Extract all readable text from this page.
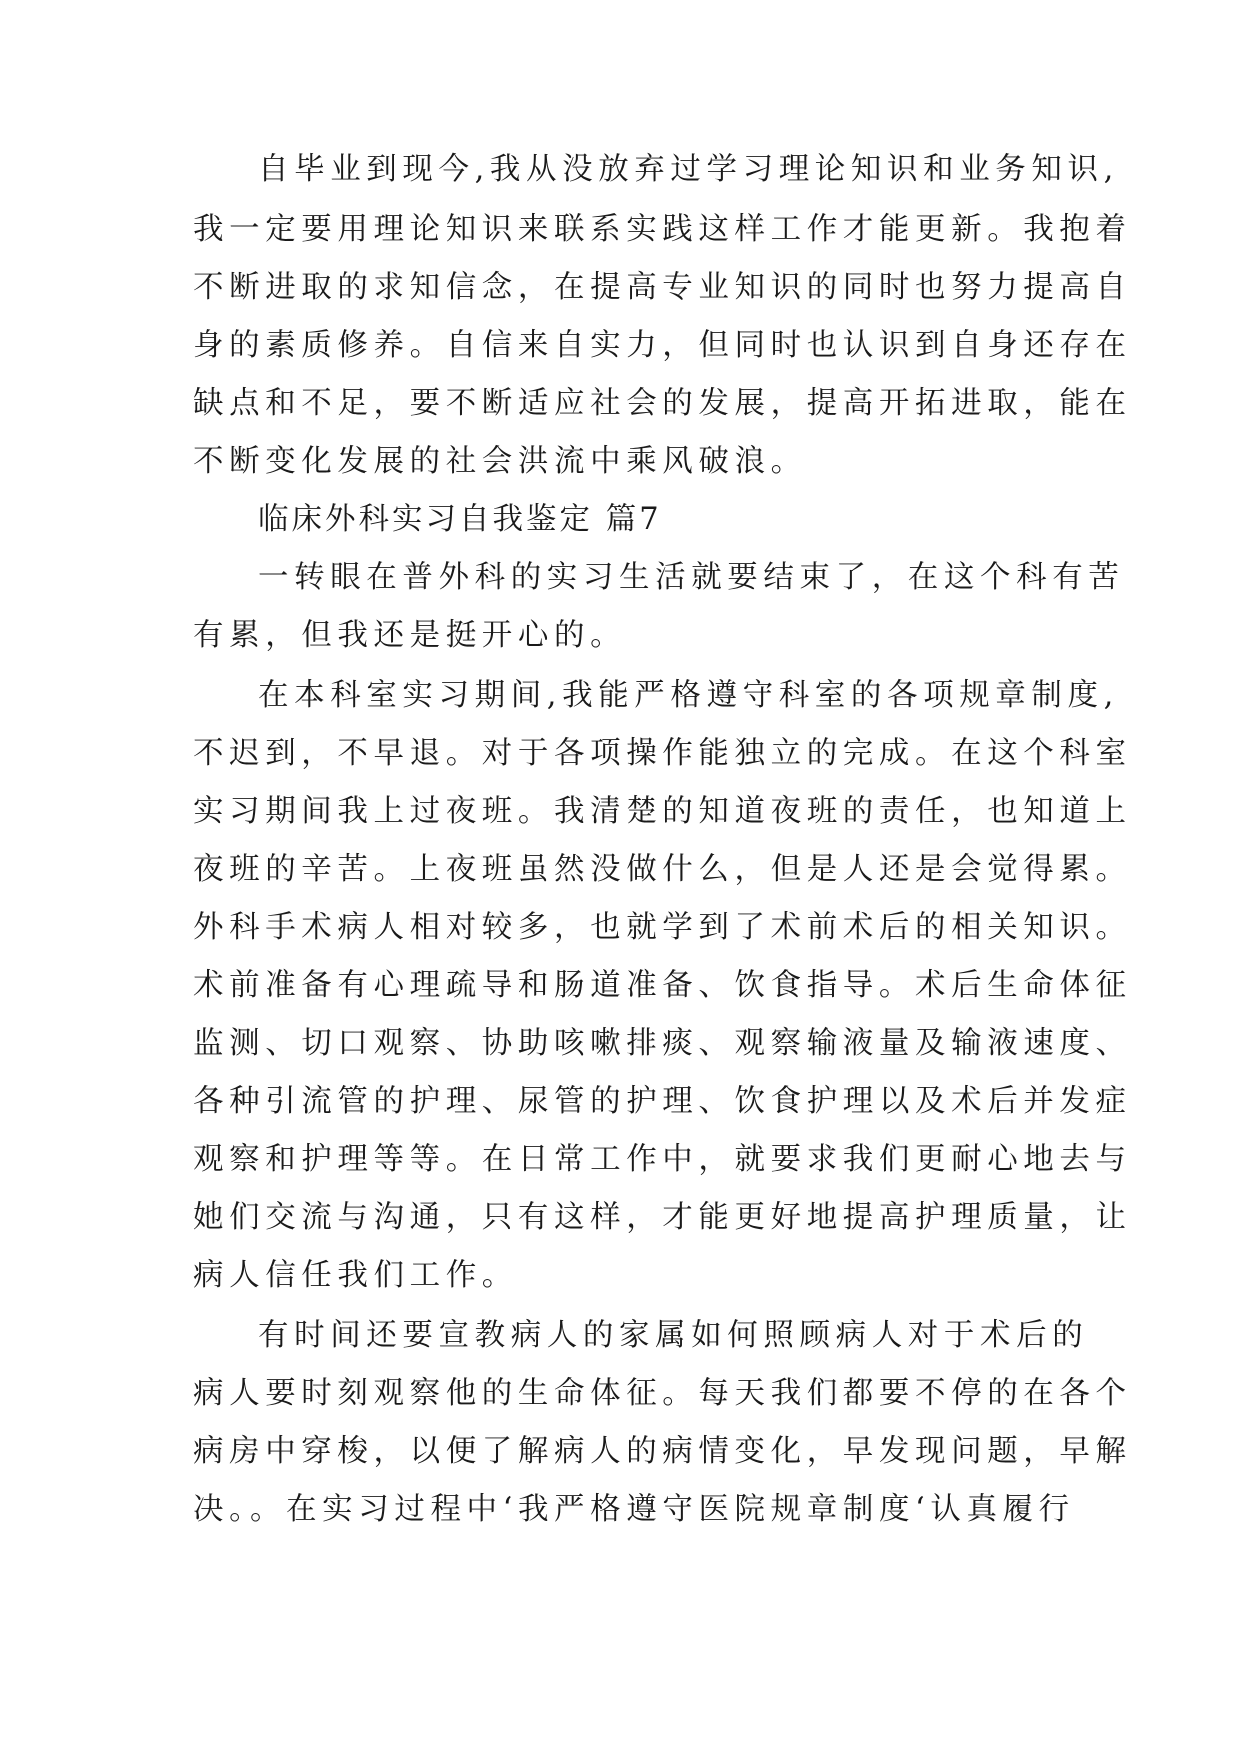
自毕业到现今,我从没放弃过学习理论知识和业务知识,
我一定要用理论知识来联系实践这样工作才能更新。我抱着
不断进取的求知信念，在提高专业知识的同时也努力提高自
身的素质修养。自信来自实力，但同时也认识到自身还存在
缺点和不足，要不断适应社会的发展，提高开拓进取，能在
不断变化发展的社会洪流中乘风破浪。
临床外科实习自我鉴定 篇7
一转眼在普外科的实习生活就要结束了，在这个科有苦
有累，但我还是挺开心的。
在本科室实习期间,我能严格遵守科室的各项规章制度,
不迟到，不早退。对于各项操作能独立的完成。在这个科室
实习期间我上过夜班。我清楚的知道夜班的责任，也知道上
夜班的辛苦。上夜班虽然没做什么，但是人还是会觉得累。
外科手术病人相对较多，也就学到了术前术后的相关知识。
术前准备有心理疏导和肠道准备、饮食指导。术后生命体征
监测、切口观察、协助咳嗽排痰、观察输液量及输液速度、
各种引流管的护理、尿管的护理、饮食护理以及术后并发症
观察和护理等等。在日常工作中，就要求我们更耐心地去与
她们交流与沟通，只有这样，才能更好地提高护理质量，让
病人信任我们工作。
有时间还要宣教病人的家属如何照顾病人对于术后的
病人要时刻观察他的生命体征。每天我们都要不停的在各个
病房中穿梭，以便了解病人的病情变化，早发现问题，早解
决。。在实习过程中‘我严格遵守医院规章制度‘认真履行
